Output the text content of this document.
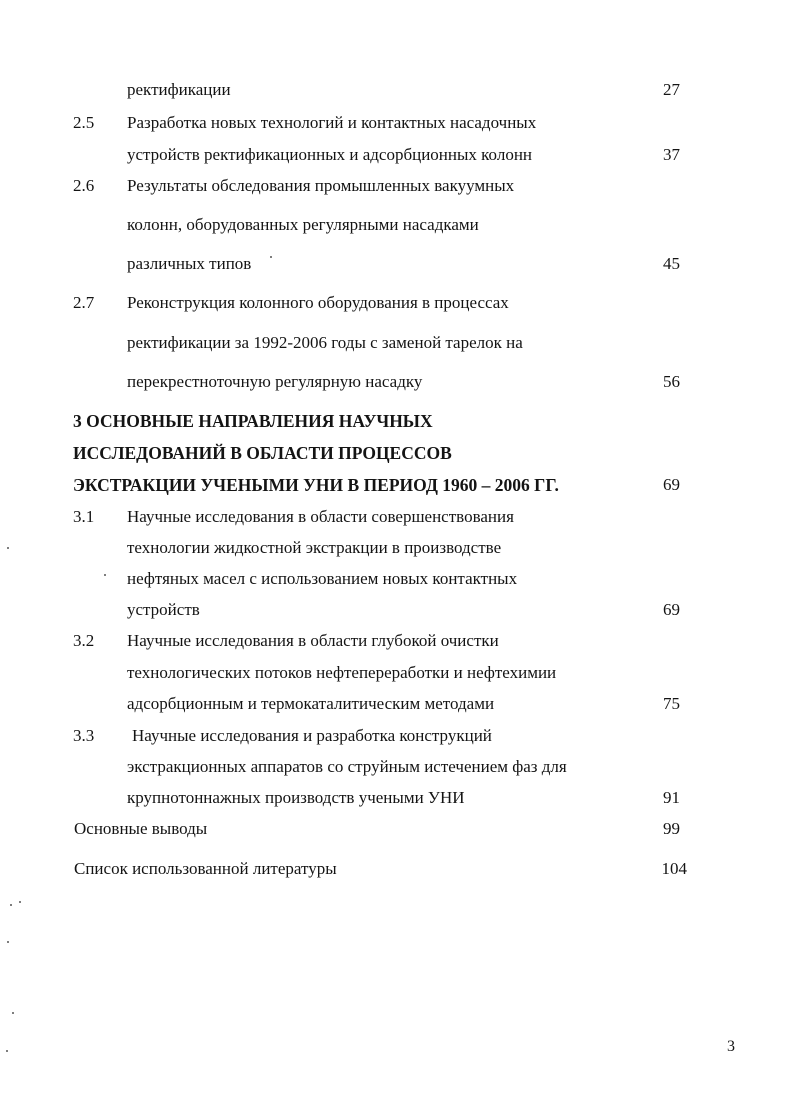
ректификации	27
2.5 Разработка новых технологий и контактных насадочных
устройств ректификационных и адсорбционных колонн	37
2.6 Результаты обследования промышленных вакуумных
колонн, оборудованных регулярными насадками
различных типов	45
2.7 Реконструкция колонного оборудования в процессах
ректификации за 1992-2006 годы с заменой тарелок на
перекрестноточную регулярную насадку	56
3 ОСНОВНЫЕ НАПРАВЛЕНИЯ НАУЧНЫХ
ИССЛЕДОВАНИЙ В ОБЛАСТИ ПРОЦЕССОВ
ЭКСТРАКЦИИ УЧЕНЫМИ УНИ В ПЕРИОД 1960 – 2006 ГГ.	69
3.1 Научные исследования в области совершенствования
технологии жидкостной экстракции в производстве
нефтяных масел с использованием новых контактных
устройств	69
3.2 Научные исследования в области глубокой очистки
технологических потоков нефтепереработки и нефтехимии
адсорбционным и термокаталитическим методами	75
3.3 Научные исследования и разработка конструкций
экстракционных аппаратов со струйным истечением фаз для
крупнотоннажных производств учеными УНИ	91
Основные выводы	99
Список использованной литературы	104
3
